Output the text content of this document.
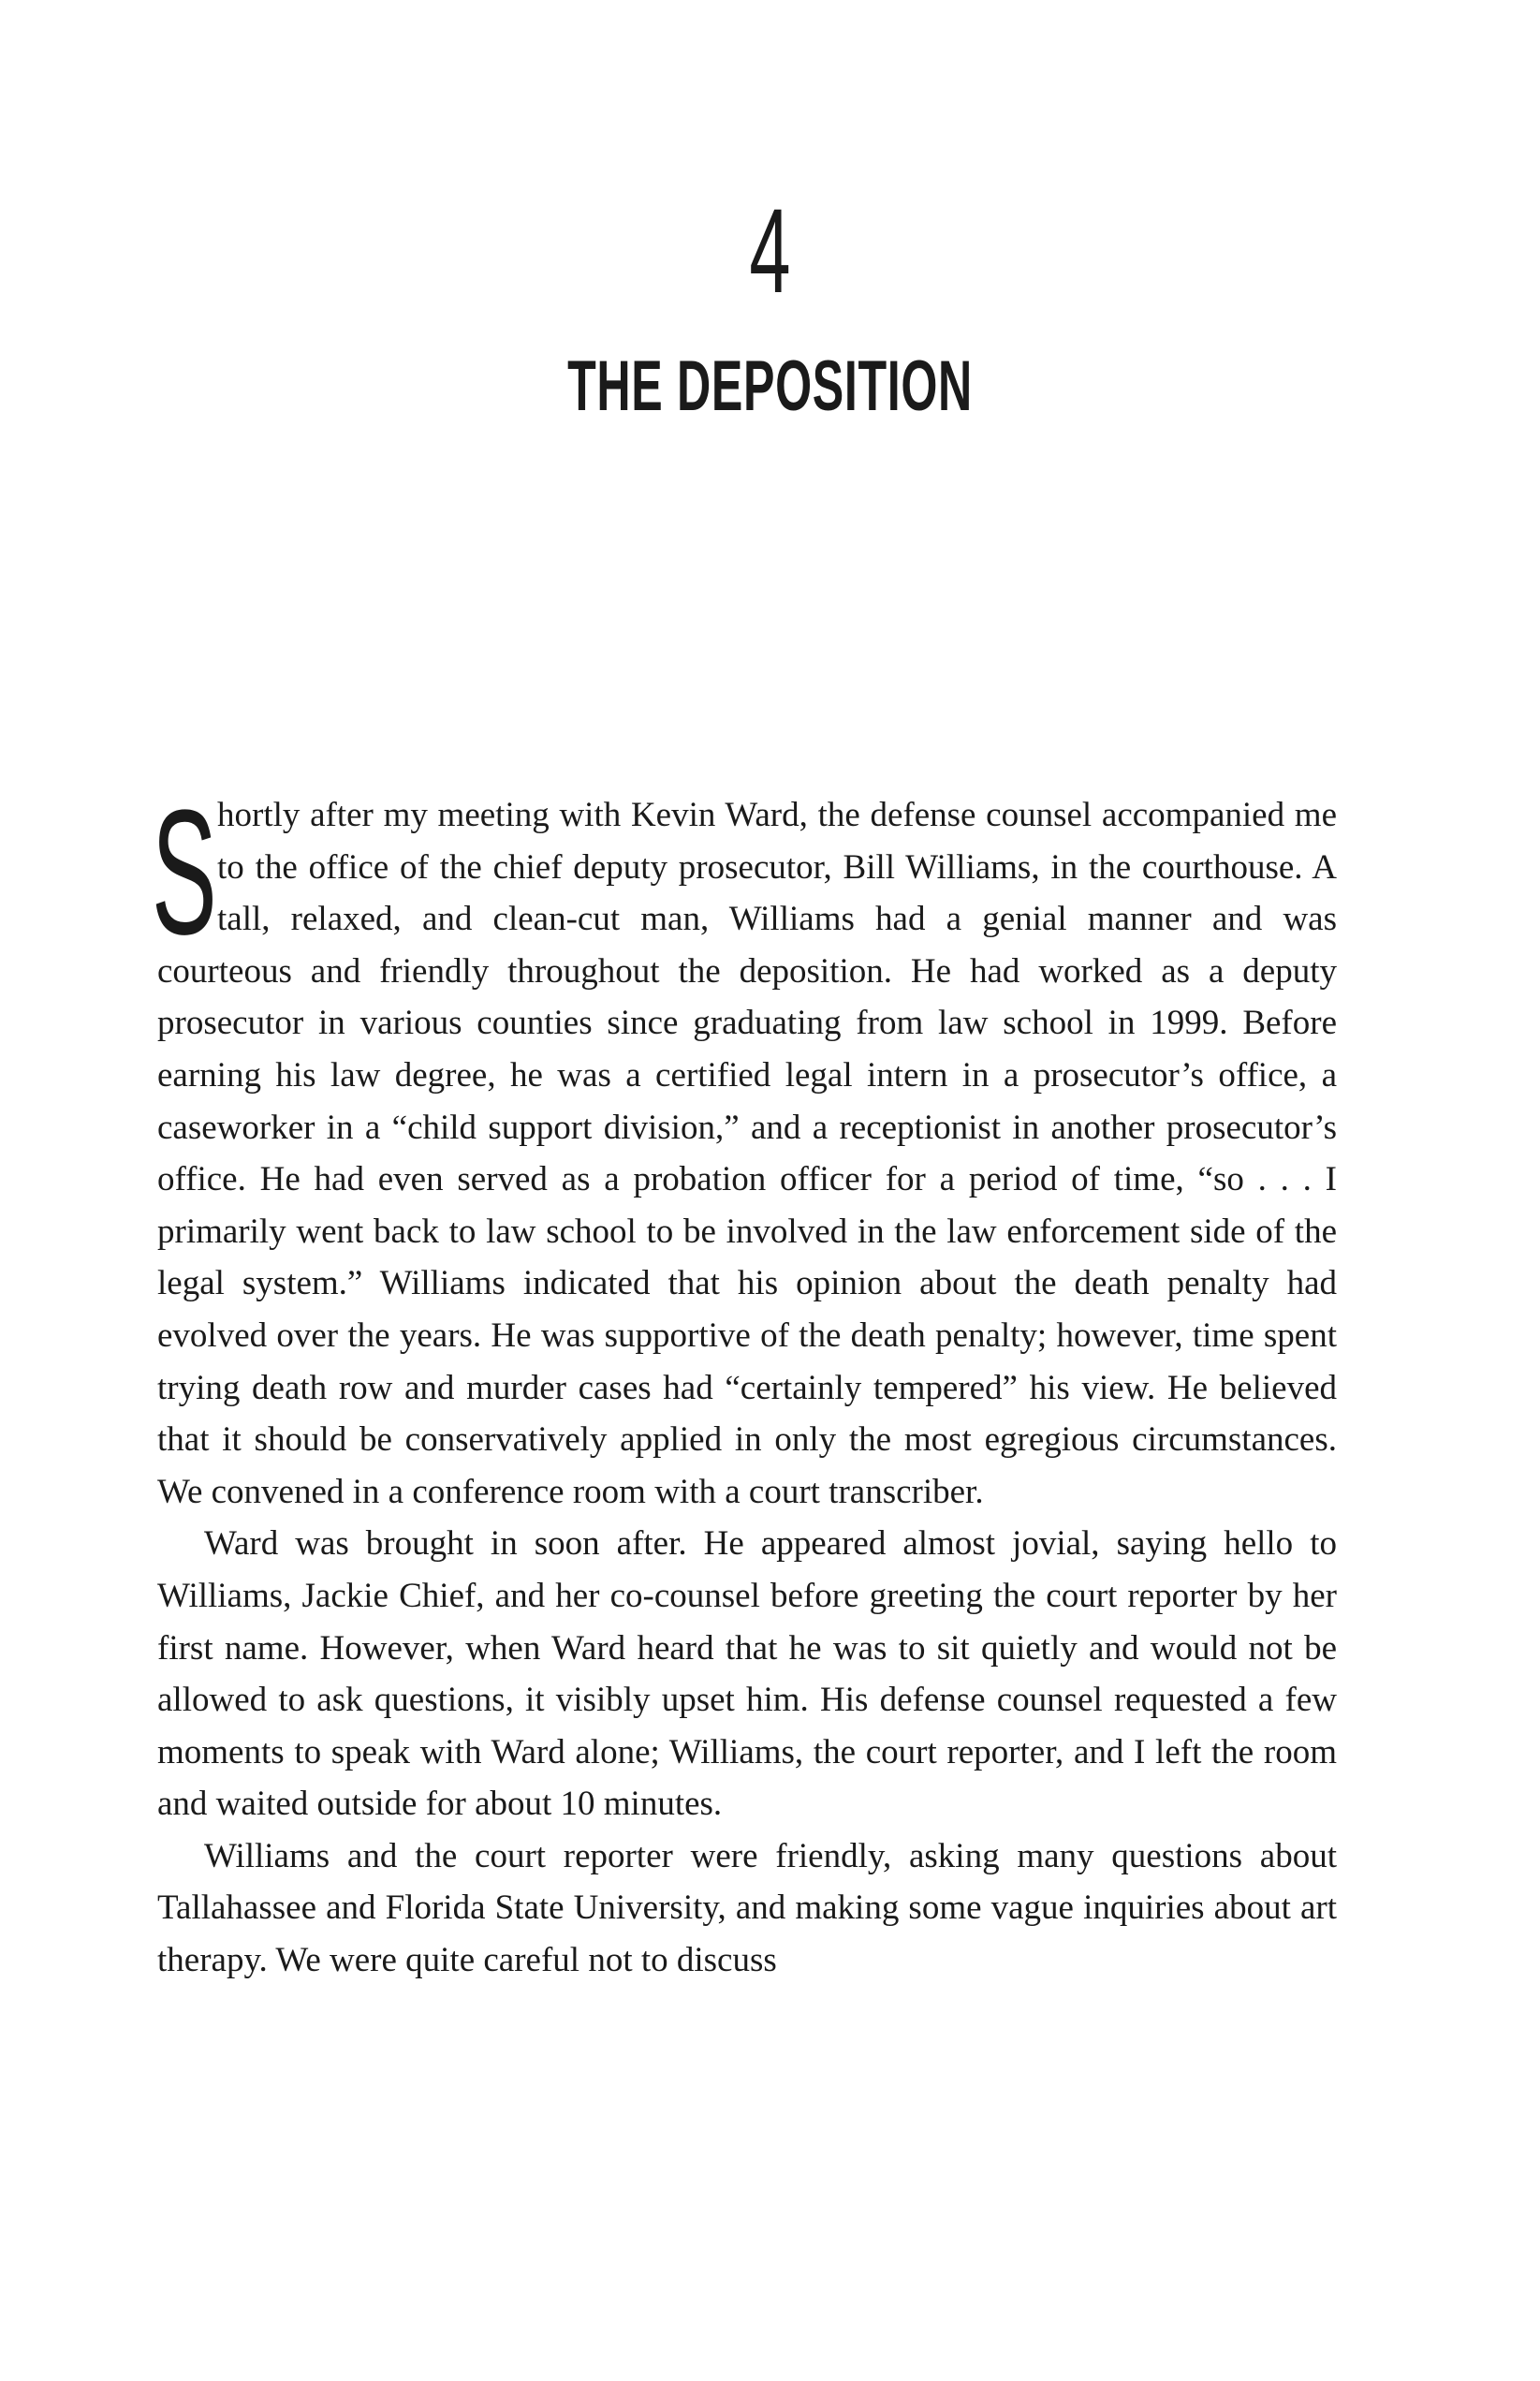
4
THE DEPOSITION

Shortly after my meeting with Kevin Ward, the defense counsel accompanied me to the office of the chief deputy prosecutor, Bill Williams, in the courthouse. A tall, relaxed, and clean-cut man, Williams had a genial manner and was courteous and friendly throughout the deposition. He had worked as a deputy prosecutor in various counties since graduating from law school in 1999. Before earning his law degree, he was a certified legal intern in a prosecutor’s office, a caseworker in a “child support division,” and a receptionist in another prosecutor’s office. He had even served as a probation officer for a period of time, “so . . . I primarily went back to law school to be involved in the law enforcement side of the legal system.” Williams indicated that his opinion about the death penalty had evolved over the years. He was supportive of the death penalty; however, time spent trying death row and murder cases had “certainly tempered” his view. He believed that it should be conservatively applied in only the most egregious circumstances. We convened in a conference room with a court transcriber.

Ward was brought in soon after. He appeared almost jovial, saying hello to Williams, Jackie Chief, and her co-counsel before greeting the court reporter by her first name. However, when Ward heard that he was to sit quietly and would not be allowed to ask questions, it visibly upset him. His defense counsel requested a few moments to speak with Ward alone; Williams, the court reporter, and I left the room and waited outside for about 10 minutes.

Williams and the court reporter were friendly, asking many questions about Tallahassee and Florida State University, and making some vague inquiries about art therapy. We were quite careful not to discuss
